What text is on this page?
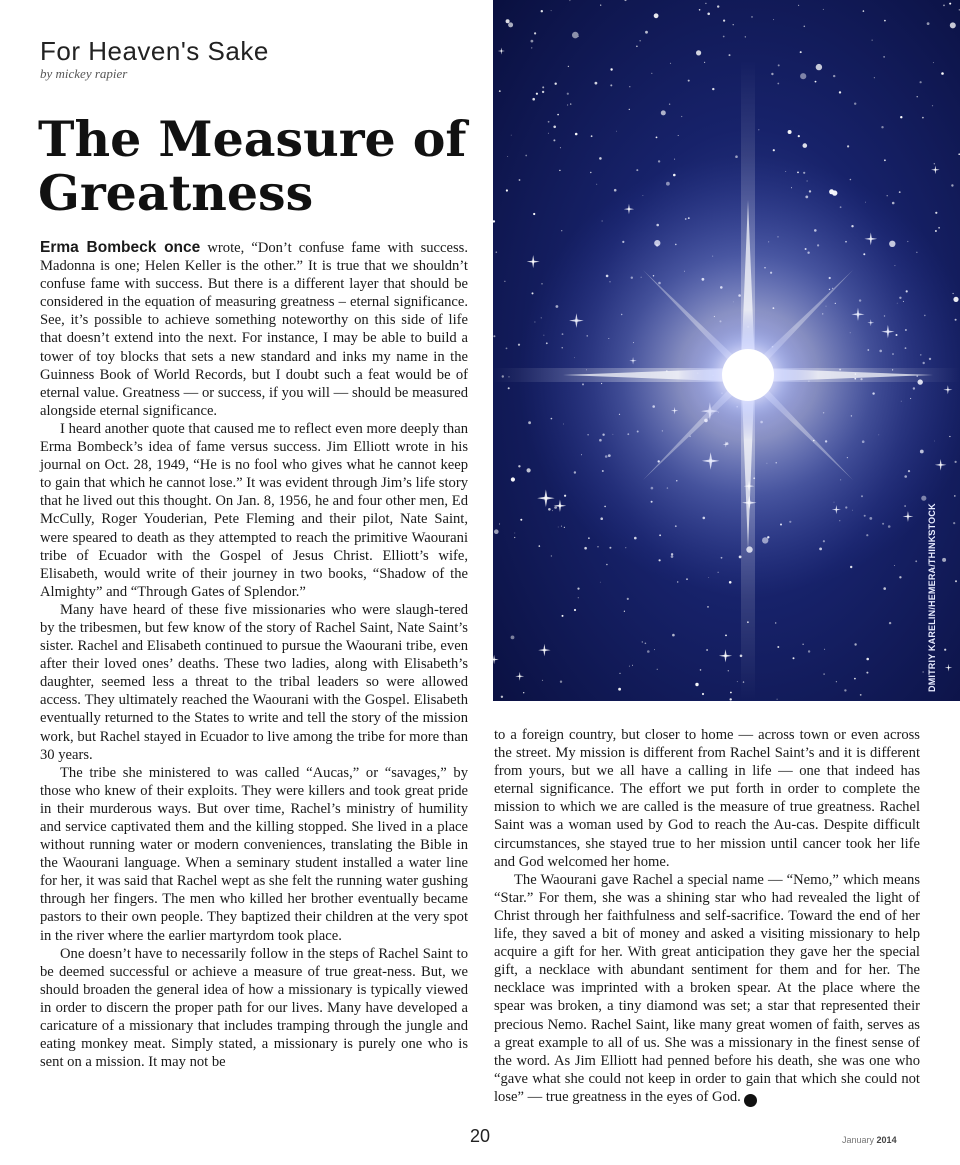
For Heaven's Sake
by mickey rapier
The Measure of Greatness

Erma Bombeck once wrote, “Don’t confuse fame with success. Madonna is one; Helen Keller is the other.” It is true that we shouldn’t confuse fame with success. But there is a different layer that should be considered in the equation of measuring greatness – eternal significance. See, it’s possible to achieve something noteworthy on this side of life that doesn’t extend into the next. For instance, I may be able to build a tower of toy blocks that sets a new standard and inks my name in the Guinness Book of World Records, but I doubt such a feat would be of eternal value. Greatness — or success, if you will — should be measured alongside eternal significance.

I heard another quote that caused me to reflect even more deeply than Erma Bombeck’s idea of fame versus success. Jim Elliott wrote in his journal on Oct. 28, 1949, “He is no fool who gives what he cannot keep to gain that which he cannot lose.” It was evident through Jim’s life story that he lived out this thought. On Jan. 8, 1956, he and four other men, Ed McCully, Roger Youderian, Pete Fleming and their pilot, Nate Saint, were speared to death as they attempted to reach the primitive Waourani tribe of Ecuador with the Gospel of Jesus Christ. Elliott’s wife, Elisabeth, would write of their journey in two books, “Shadow of the Almighty” and “Through Gates of Splendor.”

Many have heard of these five missionaries who were slaugh-tered by the tribesmen, but few know of the story of Rachel Saint, Nate Saint’s sister. Rachel and Elisabeth continued to pursue the Waourani tribe, even after their loved ones’ deaths. These two ladies, along with Elisabeth’s daughter, seemed less a threat to the tribal leaders so were allowed access. They ultimately reached the Waourani with the Gospel. Elisabeth eventually returned to the States to write and tell the story of the mission work, but Rachel stayed in Ecuador to live among the tribe for more than 30 years.

The tribe she ministered to was called “Aucas,” or “savages,” by those who knew of their exploits. They were killers and took great pride in their murderous ways. But over time, Rachel’s ministry of humility and service captivated them and the killing stopped. She lived in a place without running water or modern conveniences, translating the Bible in the Waourani language. When a seminary student installed a water line for her, it was said that Rachel wept as she felt the running water gushing through her fingers. The men who killed her brother eventually became pastors to their own people. They baptized their children at the very spot in the river where the earlier martyrdom took place.

One doesn’t have to necessarily follow in the steps of Rachel Saint to be deemed successful or achieve a measure of true great-ness. But, we should broaden the general idea of how a missionary is typically viewed in order to discern the proper path for our lives. Many have developed a caricature of a missionary that includes tramping through the jungle and eating monkey meat. Simply stated, a missionary is purely one who is sent on a mission. It may not be

to a foreign country, but closer to home — across town or even across the street. My mission is different from Rachel Saint’s and it is different from yours, but we all have a calling in life — one that indeed has eternal significance. The effort we put forth in order to complete the mission to which we are called is the measure of true greatness. Rachel Saint was a woman used by God to reach the Au-cas. Despite difficult circumstances, she stayed true to her mission until cancer took her life and God welcomed her home.

The Waourani gave Rachel a special name — “Nemo,” which means “Star.” For them, she was a shining star who had revealed the light of Christ through her faithfulness and self-sacrifice. Toward the end of her life, they saved a bit of money and asked a visiting missionary to help acquire a gift for her. With great anticipation they gave her the special gift, a necklace with abundant sentiment for them and for her. The necklace was imprinted with a broken spear. At the place where the spear was broken, a tiny diamond was set; a star that represented their precious Nemo. Rachel Saint, like many great women of faith, serves as a great example to all of us. She was a missionary in the finest sense of the word. As Jim Elliott had penned before his death, she was one who “gave what she could not keep in order to gain that which she could not lose” — true greatness in the eyes of God.	✓

DMITRIY KARELIN/HEMERA/THINKSTOCK
20	January 2014
